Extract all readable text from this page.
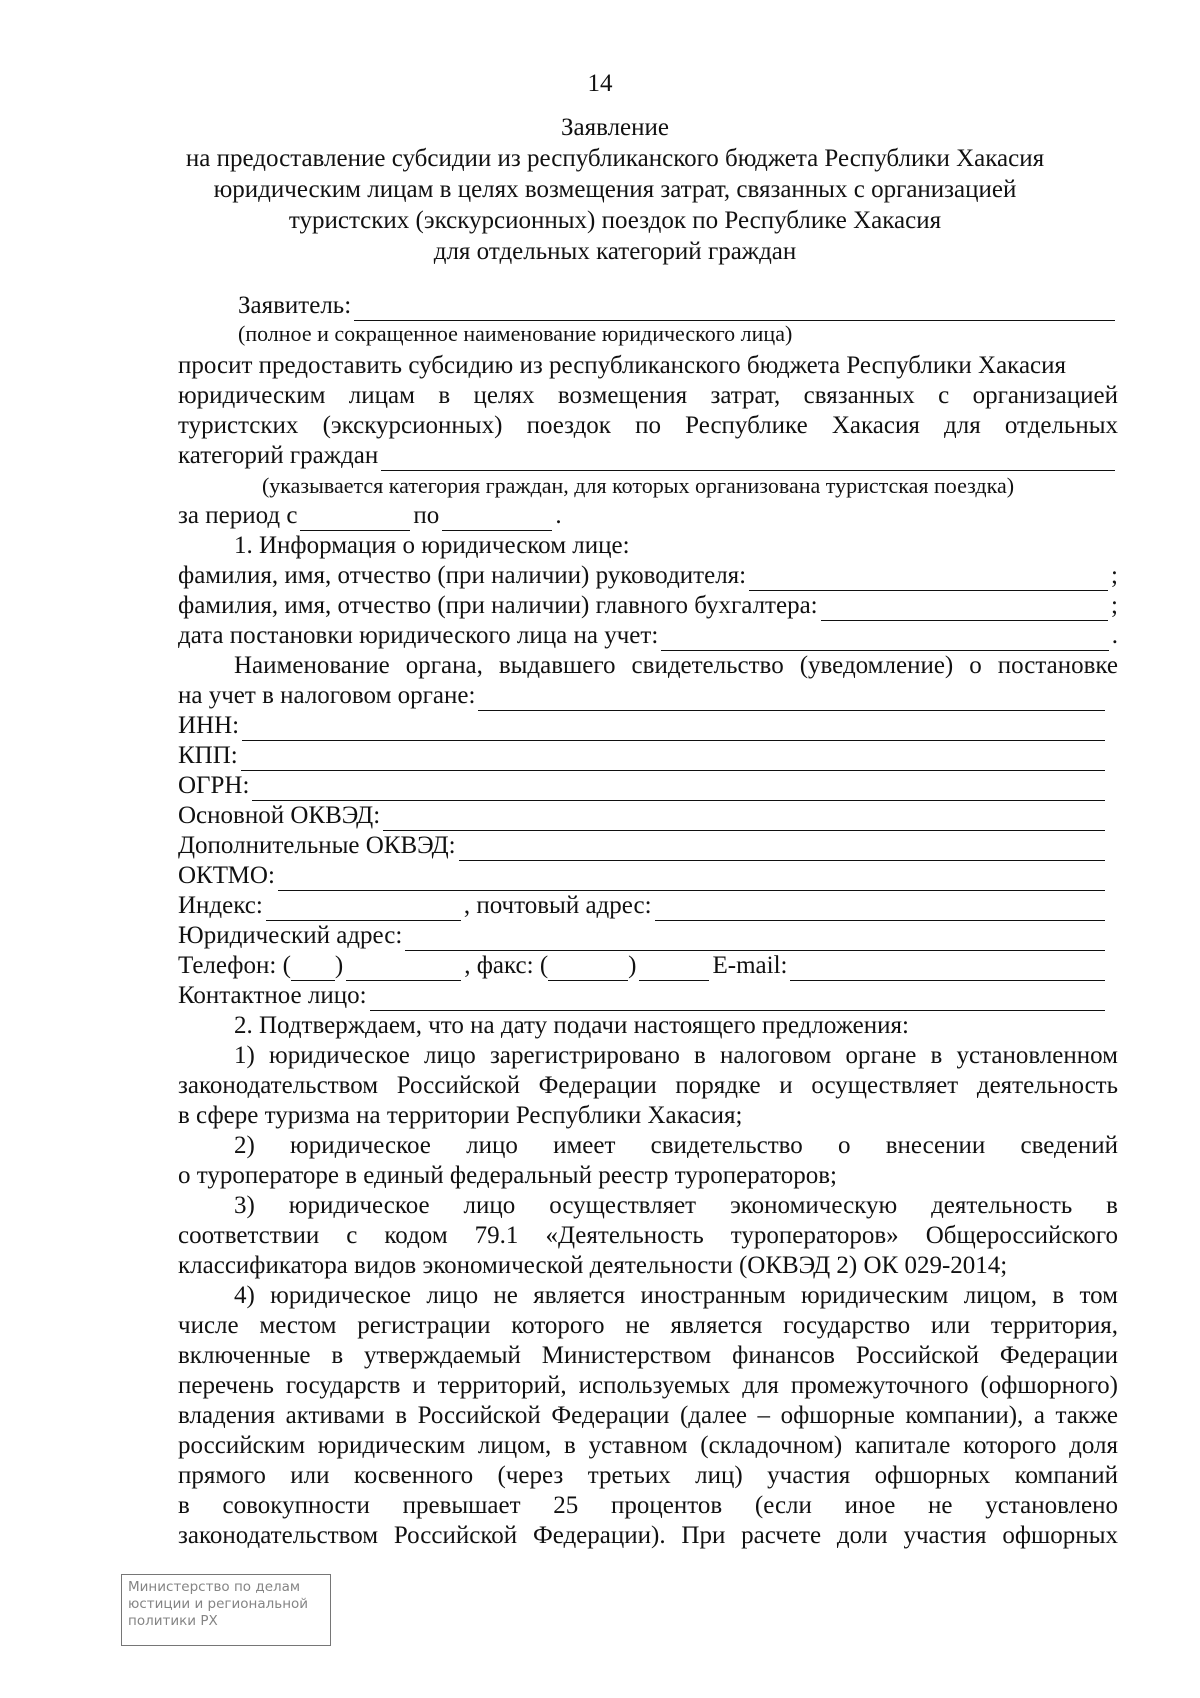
14
Заявление
на предоставление субсидии из республиканского бюджета Республики Хакасия
юридическим лицам в целях возмещения затрат, связанных с организацией
туристских (экскурсионных) поездок по Республике Хакасия
для отдельных категорий граждан
Заявитель:
(полное и сокращенное наименование юридического лица)
просит предоставить субсидию из республиканского бюджета Республики Хакасия
юридическим лицам в целях возмещения затрат, связанных с организацией
туристских (экскурсионных) поездок по Республике Хакасия для отдельных
категорий граждан
(указывается категория граждан, для которых организована туристская поездка)
за период с	по	.
1. Информация о юридическом лице:
фамилия, имя, отчество (при наличии) руководителя:	;
фамилия, имя, отчество (при наличии) главного бухгалтера:	;
дата постановки юридического лица на учет:	.
Наименование органа, выдавшего свидетельство (уведомление) о постановке
на учет в налоговом органе:
ИНН:
КПП:
ОГРН:
Основной ОКВЭД:
Дополнительные ОКВЭД:
ОКТМО:
Индекс:	, почтовый адрес:
Юридический адрес:
Телефон: ( )	, факс: (	)	E-mail:
Контактное лицо:
2. Подтверждаем, что на дату подачи настоящего предложения:
1) юридическое лицо зарегистрировано в налоговом органе в установленном
законодательством Российской Федерации порядке и осуществляет деятельность
в сфере туризма на территории Республики Хакасия;
2) юридическое лицо имеет свидетельство о внесении сведений
о туроператоре в единый федеральный реестр туроператоров;
3) юридическое лицо осуществляет экономическую деятельность в
соответствии с кодом 79.1 «Деятельность туроператоров» Общероссийского
классификатора видов экономической деятельности (ОКВЭД 2) ОК 029-2014;
4) юридическое лицо не является иностранным юридическим лицом, в том
числе местом регистрации которого не является государство или территория,
включенные в утверждаемый Министерством финансов Российской Федерации
перечень государств и территорий, используемых для промежуточного (офшорного)
владения активами в Российской Федерации (далее – офшорные компании), а также
российским юридическим лицом, в уставном (складочном) капитале которого доля
прямого или косвенного (через третьих лиц) участия офшорных компаний
в совокупности превышает 25 процентов (если иное не установлено
законодательством Российской Федерации). При расчете доли участия офшорных
Министерство по делам
юстиции и региональной
политики РХ
